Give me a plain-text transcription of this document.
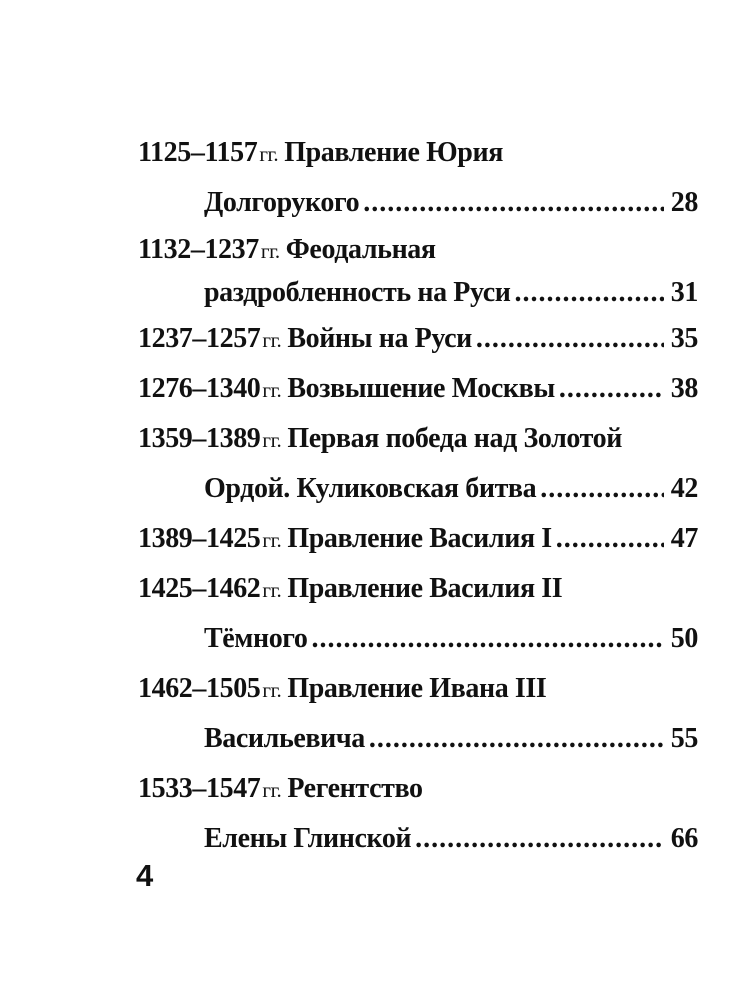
1125–1157 гг. Правление Юрия
Долгорукого .....	28
1132–1237 гг. Феодальная
раздробленность на Руси .....	31
1237–1257 гг. Войны на Руси .....	35
1276–1340 гг. Возвышение Москвы .....	38
1359–1389 гг. Первая победа над Золотой
Ордой. Куликовская битва .....	42
1389–1425 гг. Правление Василия I .....	47
1425–1462 гг. Правление Василия II
Тёмного .....	50
1462–1505 гг. Правление Ивана III
Васильевича .....	55
1533–1547 гг. Регентство
Елены Глинской .....	66
4
